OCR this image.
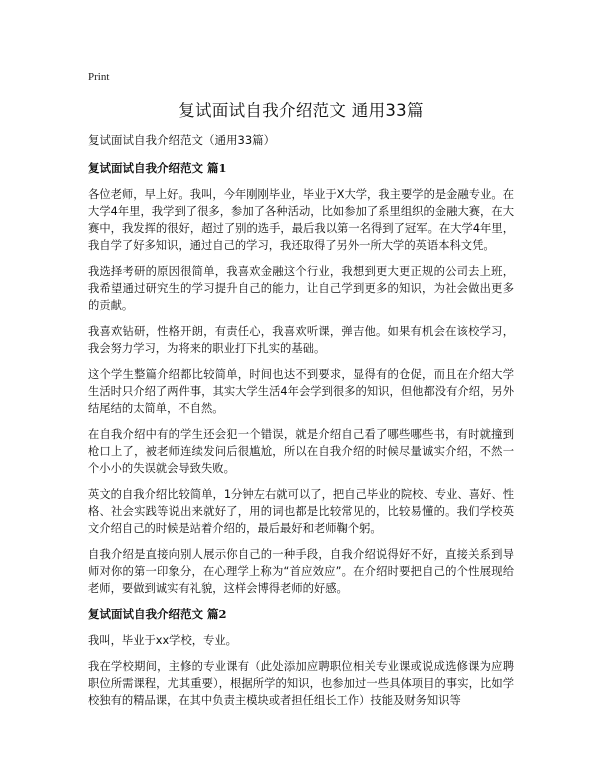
Print
复试面试自我介绍范文 通用33篇
复试面试自我介绍范文（通用33篇）
复试面试自我介绍范文 篇1

各位老师，早上好。我叫，今年刚刚毕业，毕业于X大学，我主要学的是金融专业。在大学4年里，我学到了很多，参加了各种活动，比如参加了系里组织的金融大赛，在大赛中，我发挥的很好，超过了别的选手，最后我以第一名得到了冠军。在大学4年里，我自学了好多知识，通过自己的学习，我还取得了另外一所大学的英语本科文凭。

我选择考研的原因很简单，我喜欢金融这个行业，我想到更大更正规的公司去上班，我希望通过研究生的学习提升自己的能力，让自己学到更多的知识，为社会做出更多的贡献。

我喜欢钻研，性格开朗，有责任心，我喜欢听课，弹吉他。如果有机会在该校学习，我会努力学习，为将来的职业打下扎实的基础。

这个学生整篇介绍都比较简单，时间也达不到要求，显得有的仓促，而且在介绍大学生活时只介绍了两件事，其实大学生活4年会学到很多的知识，但他都没有介绍，另外结尾结的太简单，不自然。

在自我介绍中有的学生还会犯一个错误，就是介绍自己看了哪些哪些书，有时就撞到枪口上了，被老师连续发问后很尴尬，所以在自我介绍的时候尽量诚实介绍，不然一个小小的失误就会导致失败。

英文的自我介绍比较简单，1分钟左右就可以了，把自己毕业的院校、专业、喜好、性格、社会实践等说出来就好了，用的词也都是比较常见的，比较易懂的。我们学校英文介绍自己的时候是站着介绍的，最后最好和老师鞠个躬。

自我介绍是直接向别人展示你自己的一种手段，自我介绍说得好不好，直接关系到导师对你的第一印象分，在心理学上称为“首应效应”。在介绍时要把自己的个性展现给老师，要做到诚实有礼貌，这样会博得老师的好感。

复试面试自我介绍范文 篇2

我叫，毕业于xx学校，专业。

我在学校期间，主修的专业课有（此处添加应聘职位相关专业课或说成选修课为应聘职位所需课程，尤其重要），根据所学的知识，也参加过一些具体项目的事实，比如学校独有的精品课，在其中负责主模块或者担任组长工作）技能及财务知识等
